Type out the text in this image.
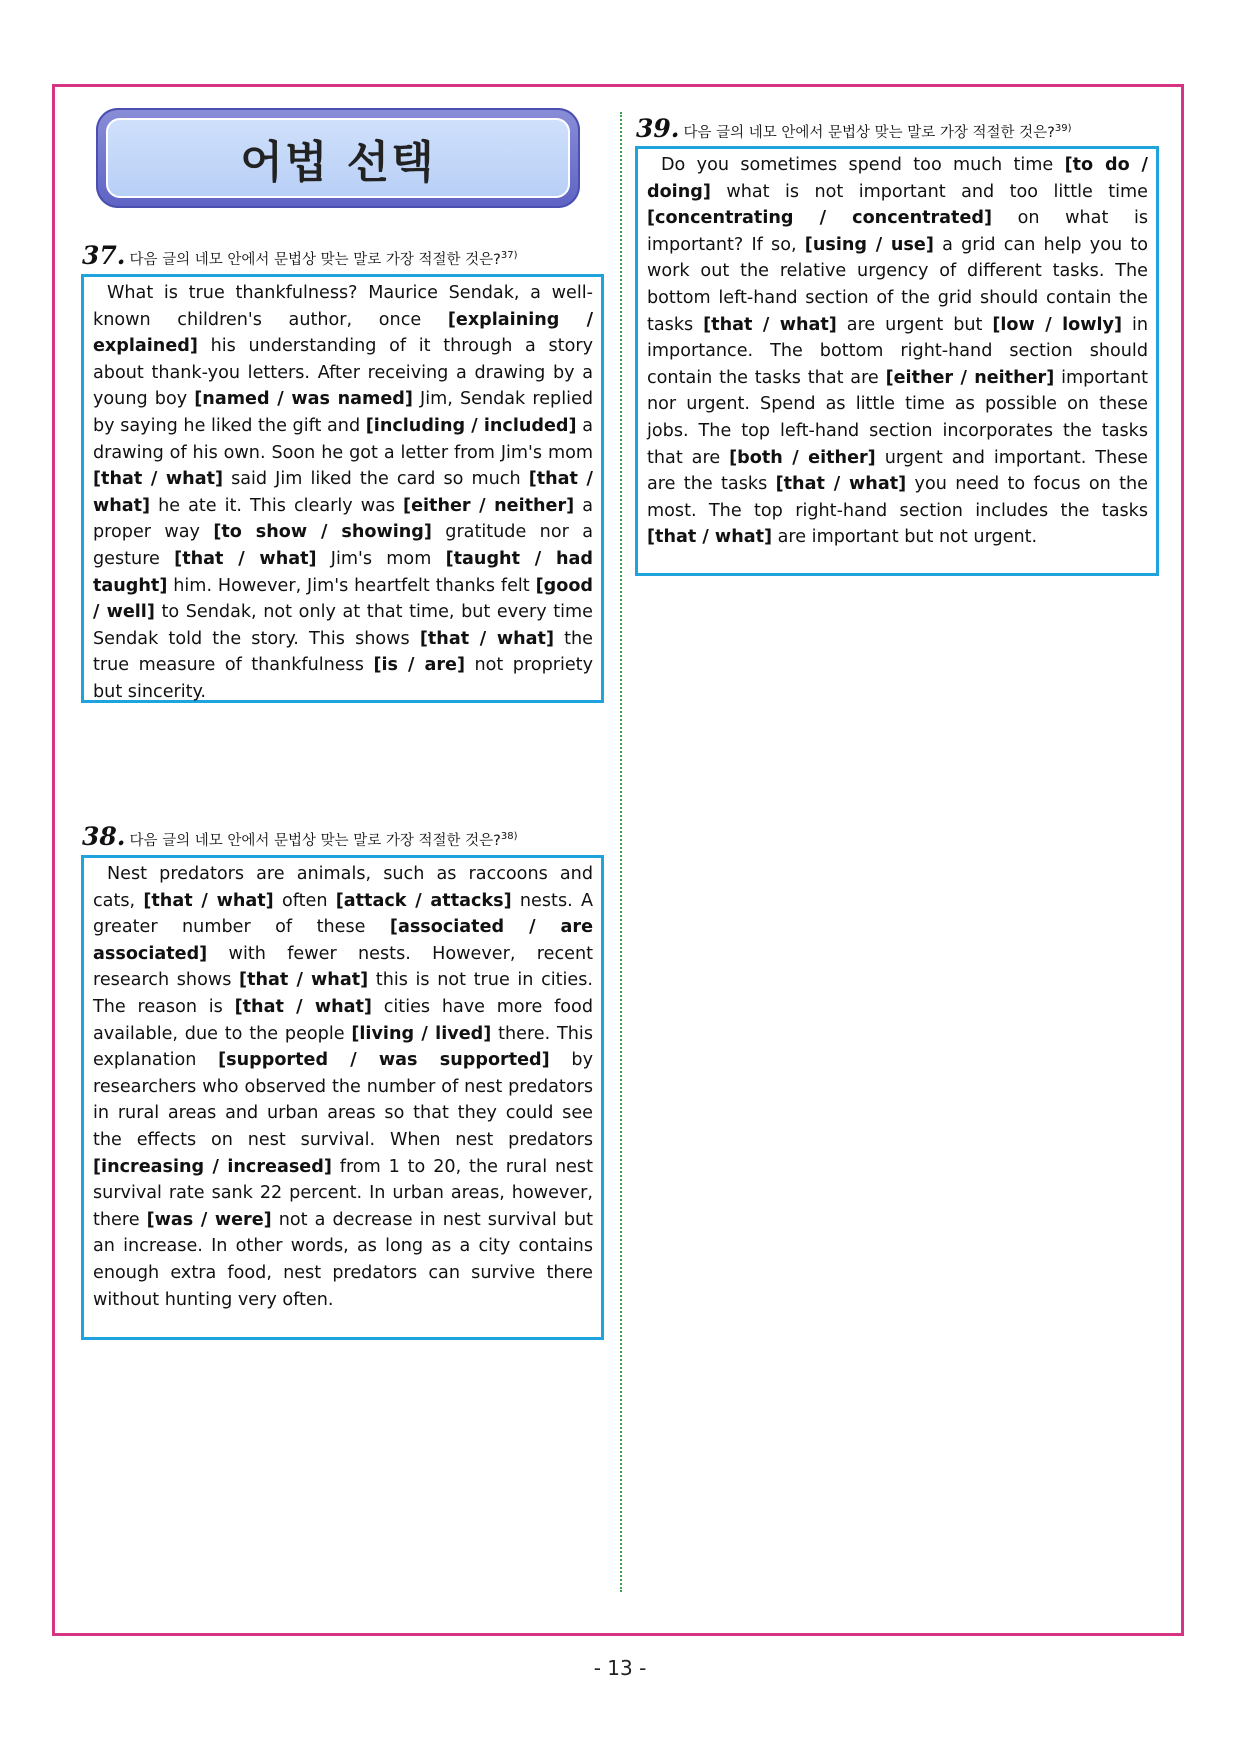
어법 선택
37. 다음 글의 네모 안에서 문법상 맞는 말로 가장 적절한 것은?$^{37)}$
What is true thankfulness? Maurice Sendak, a well-known children's author, once [explaining / explained] his understanding of it through a story about thank-you letters. After receiving a drawing by a young boy [named / was named] Jim, Sendak replied by saying he liked the gift and [including / included] a drawing of his own. Soon he got a letter from Jim's mom [that / what] said Jim liked the card so much [that / what] he ate it. This clearly was [either / neither] a proper way [to show / showing] gratitude nor a gesture [that / what] Jim's mom [taught / had taught] him. However, Jim's heartfelt thanks felt [good / well] to Sendak, not only at that time, but every time Sendak told the story. This shows [that / what] the true measure of thankfulness [is / are] not propriety but sincerity.
38. 다음 글의 네모 안에서 문법상 맞는 말로 가장 적절한 것은?$^{38)}$
Nest predators are animals, such as raccoons and cats, [that / what] often [attack / attacks] nests. A greater number of these [associated / are associated] with fewer nests. However, recent research shows [that / what] this is not true in cities. The reason is [that / what] cities have more food available, due to the people [living / lived] there. This explanation [supported / was supported] by researchers who observed the number of nest predators in rural areas and urban areas so that they could see the effects on nest survival. When nest predators [increasing / increased] from 1 to 20, the rural nest survival rate sank 22 percent. In urban areas, however, there [was / were] not a decrease in nest survival but an increase. In other words, as long as a city contains enough extra food, nest predators can survive there without hunting very often.
39. 다음 글의 네모 안에서 문법상 맞는 말로 가장 적절한 것은?$^{39)}$
Do you sometimes spend too much time [to do / doing] what is not important and too little time [concentrating / concentrated] on what is important? If so, [using / use] a grid can help you to work out the relative urgency of different tasks. The bottom left-hand section of the grid should contain the tasks [that / what] are urgent but [low / lowly] in importance. The bottom right-hand section should contain the tasks that are [either / neither] important nor urgent. Spend as little time as possible on these jobs. The top left-hand section incorporates the tasks that are [both / either] urgent and important. These are the tasks [that / what] you need to focus on the most. The top right-hand section includes the tasks [that / what] are important but not urgent.
- 13 -
